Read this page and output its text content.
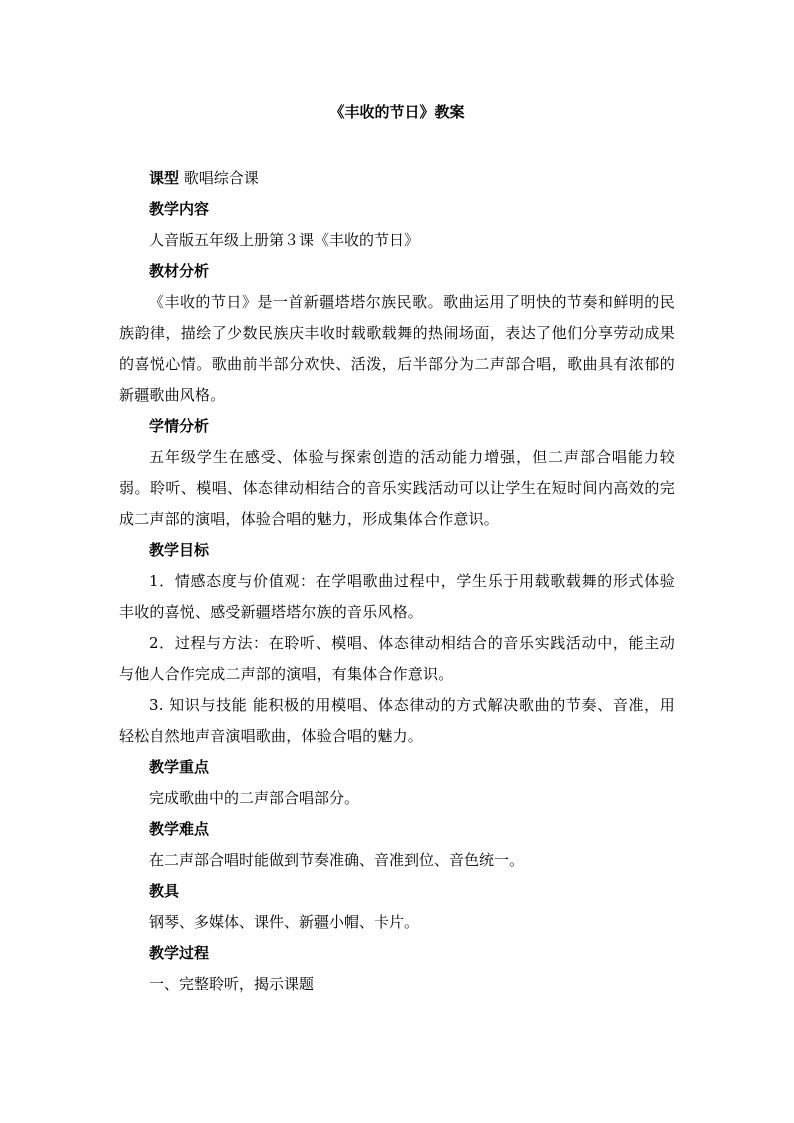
《丰收的节日》教案

课型 歌唱综合课

教学内容

人音版五年级上册第３课《丰收的节日》

教材分析

《丰收的节日》是一首新疆塔塔尔族民歌。歌曲运用了明快的节奏和鲜明的民族韵律，描绘了少数民族庆丰收时载歌载舞的热闹场面，表达了他们分享劳动成果的喜悦心情。歌曲前半部分欢快、活泼，后半部分为二声部合唱，歌曲具有浓郁的新疆歌曲风格。

学情分析

五年级学生在感受、体验与探索创造的活动能力增强，但二声部合唱能力较弱。聆听、模唱、体态律动相结合的音乐实践活动可以让学生在短时间内高效的完成二声部的演唱，体验合唱的魅力，形成集体合作意识。

教学目标

1．情感态度与价值观：在学唱歌曲过程中，学生乐于用载歌载舞的形式体验丰收的喜悦、感受新疆塔塔尔族的音乐风格。

2．过程与方法：在聆听、模唱、体态律动相结合的音乐实践活动中，能主动与他人合作完成二声部的演唱，有集体合作意识。

3. 知识与技能 能积极的用模唱、体态律动的方式解决歌曲的节奏、音准，用轻松自然地声音演唱歌曲，体验合唱的魅力。

教学重点

完成歌曲中的二声部合唱部分。

教学难点

在二声部合唱时能做到节奏准确、音准到位、音色统一。

教具

钢琴、多媒体、课件、新疆小帽、卡片。

教学过程

一、完整聆听，揭示课题
